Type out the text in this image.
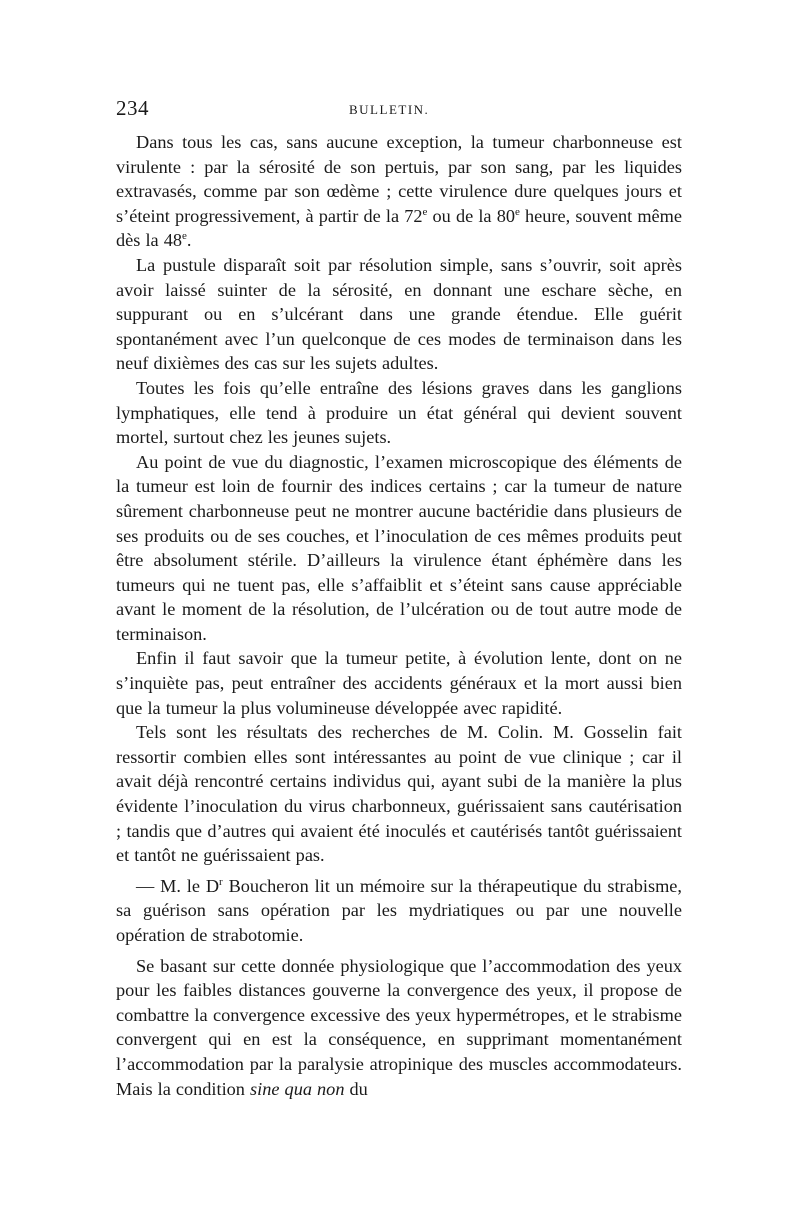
234	BULLETIN.

Dans tous les cas, sans aucune exception, la tumeur charbonneuse est virulente : par la sérosité de son pertuis, par son sang, par les liquides extravasés, comme par son œdème ; cette virulence dure quelques jours et s’éteint progressivement, à partir de la 72e ou de la 80e heure, souvent même dès la 48e.

La pustule disparaît soit par résolution simple, sans s’ouvrir, soit après avoir laissé suinter de la sérosité, en donnant une eschare sèche, en suppurant ou en s’ulcérant dans une grande étendue. Elle guérit spontanément avec l’un quelconque de ces modes de terminaison dans les neuf dixièmes des cas sur les sujets adultes.

Toutes les fois qu’elle entraîne des lésions graves dans les ganglions lymphatiques, elle tend à produire un état général qui devient souvent mortel, surtout chez les jeunes sujets.

Au point de vue du diagnostic, l’examen microscopique des éléments de la tumeur est loin de fournir des indices certains ; car la tumeur de nature sûrement charbonneuse peut ne montrer aucune bactéridie dans plusieurs de ses produits ou de ses couches, et l’inoculation de ces mêmes produits peut être absolument stérile. D’ailleurs la virulence étant éphémère dans les tumeurs qui ne tuent pas, elle s’affaiblit et s’éteint sans cause appréciable avant le moment de la résolution, de l’ulcération ou de tout autre mode de terminaison.

Enfin il faut savoir que la tumeur petite, à évolution lente, dont on ne s’inquiète pas, peut entraîner des accidents généraux et la mort aussi bien que la tumeur la plus volumineuse développée avec rapidité.

Tels sont les résultats des recherches de M. Colin. M. Gosselin fait ressortir combien elles sont intéressantes au point de vue clinique ; car il avait déjà rencontré certains individus qui, ayant subi de la manière la plus évidente l’inoculation du virus charbonneux, guérissaient sans cautérisation ; tandis que d’autres qui avaient été inoculés et cautérisés tantôt guérissaient et tantôt ne guérissaient pas.

— M. le $D^r$ Boucheron lit un mémoire sur la thérapeutique du strabisme, sa guérison sans opération par les mydriatiques ou par une nouvelle opération de strabotomie.

Se basant sur cette donnée physiologique que l’accommodation des yeux pour les faibles distances gouverne la convergence des yeux, il propose de combattre la convergence excessive des yeux hypermétropes, et le strabisme convergent qui en est la conséquence, en supprimant momentanément l’accommodation par la paralysie atropinique des muscles accommodateurs. Mais la condition sine qua non du
